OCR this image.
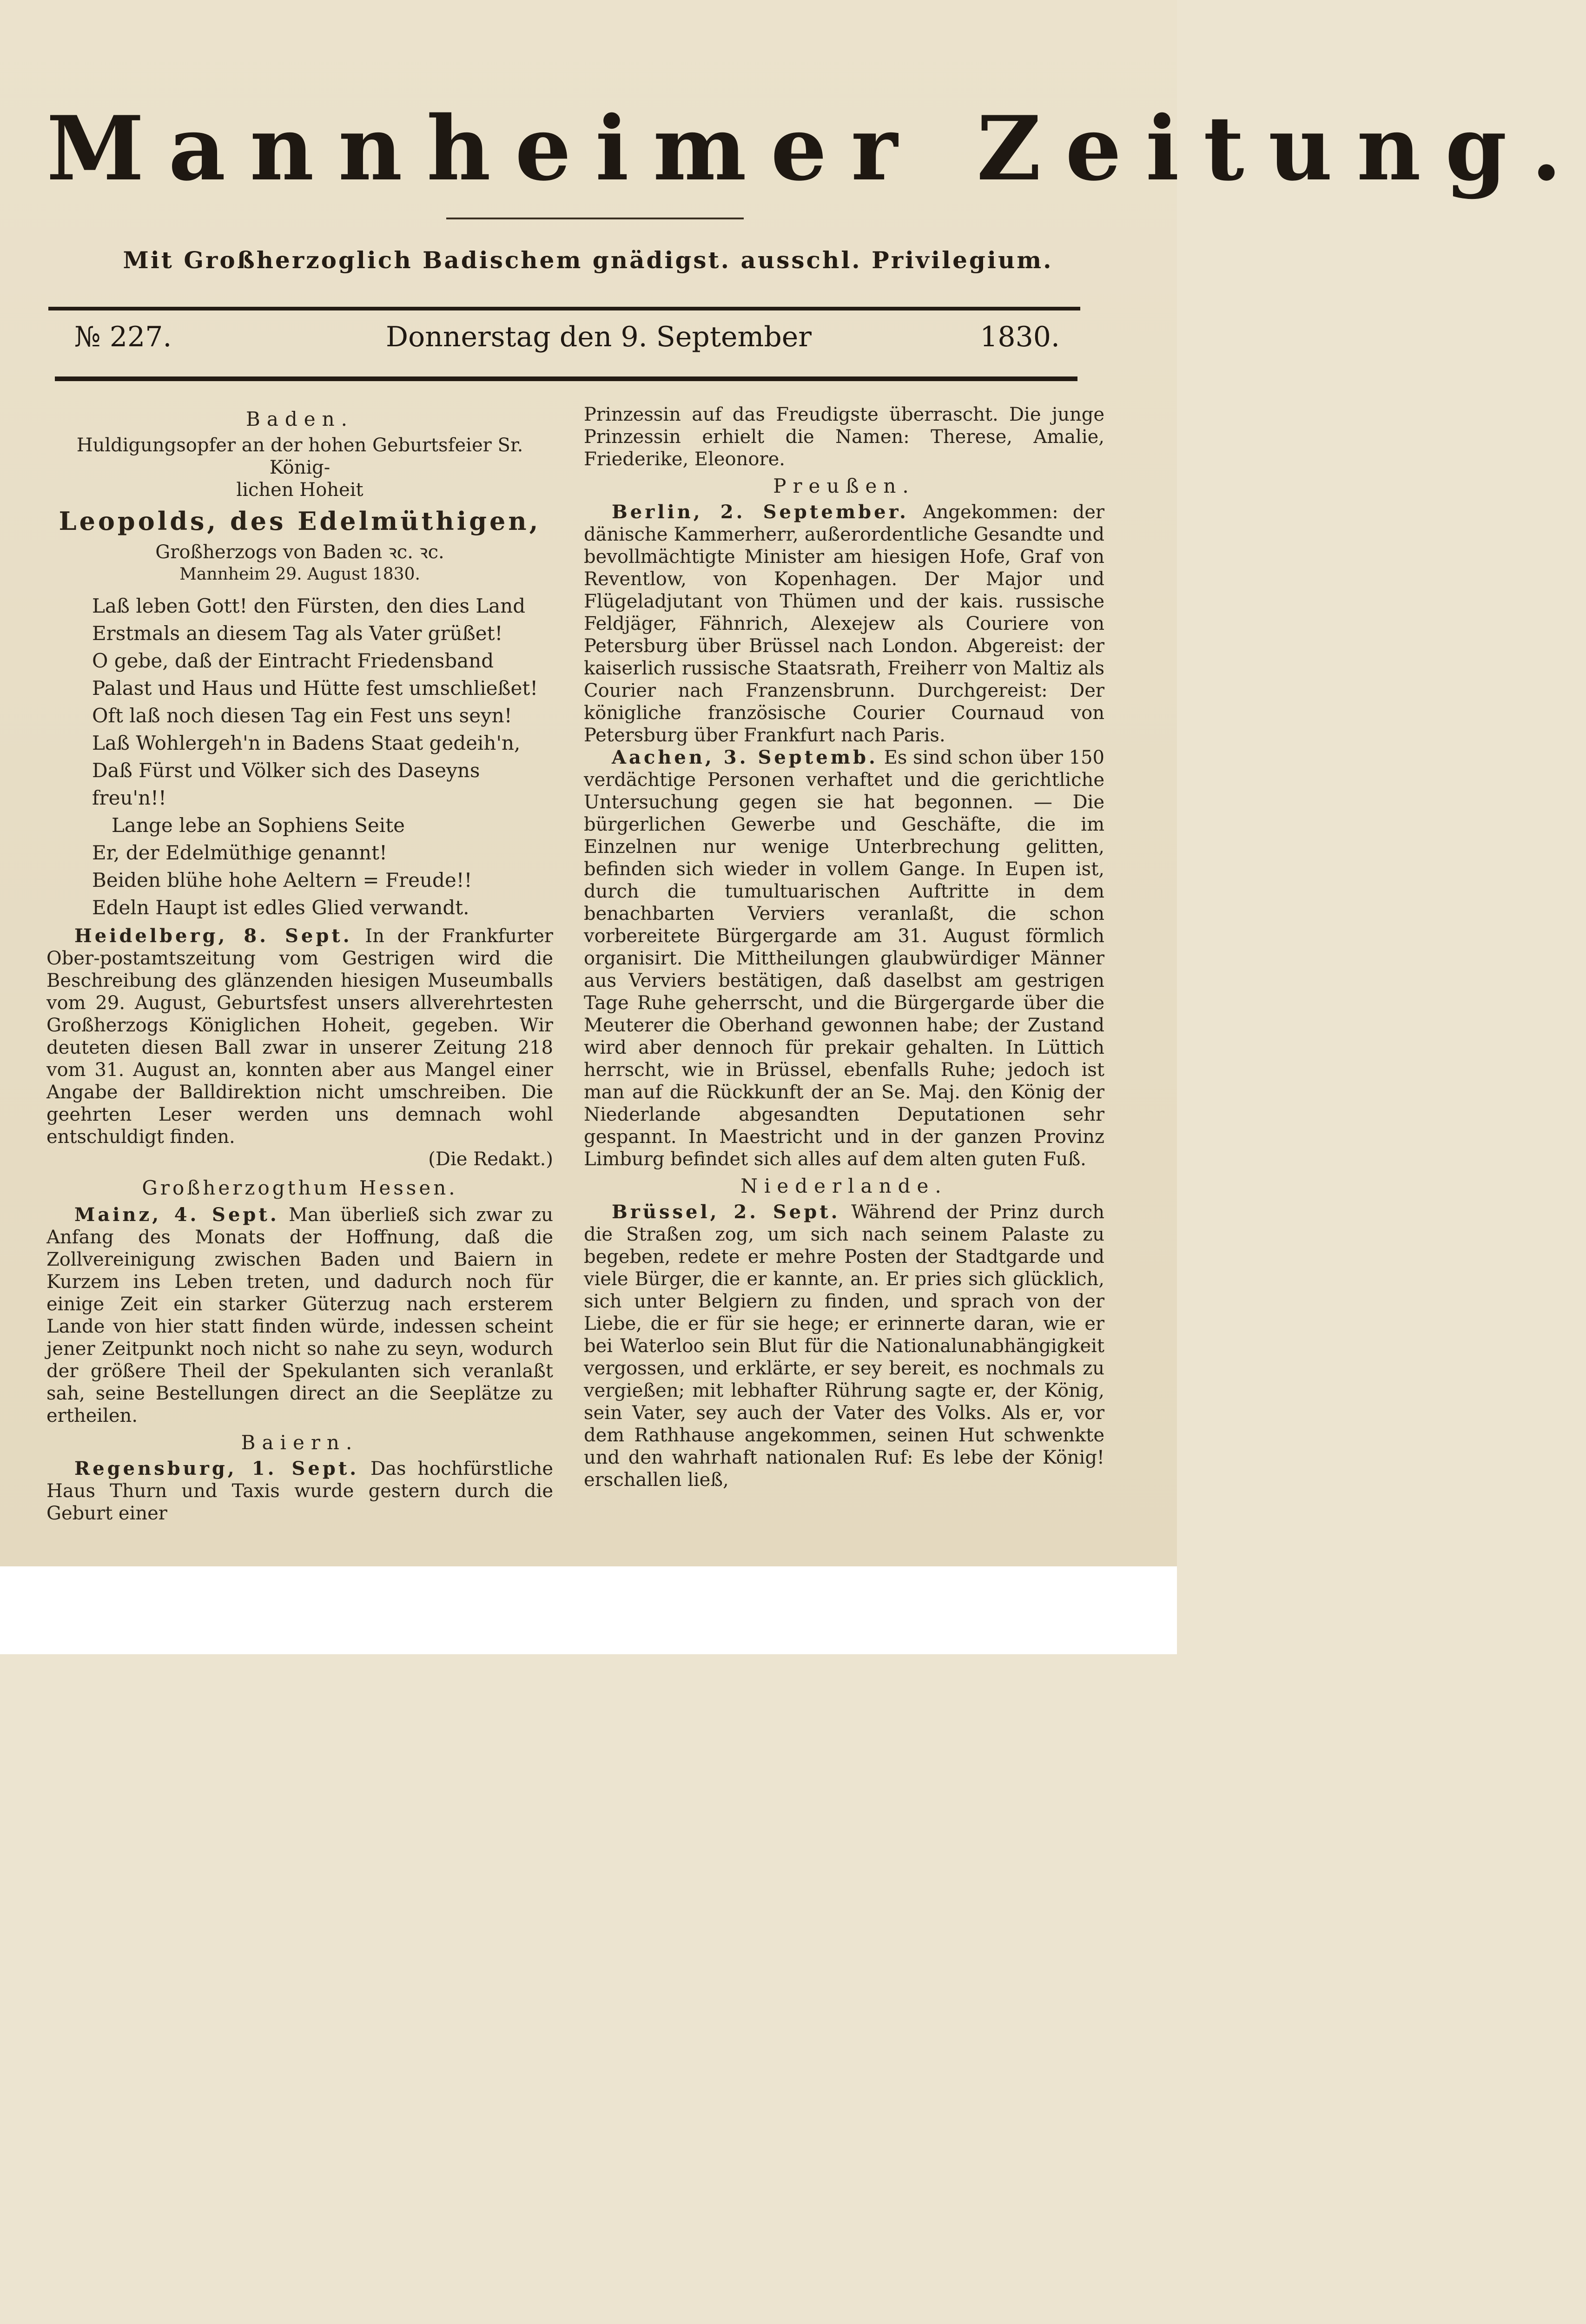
Mannheimer Zeitung.
Mit Großherzoglich Badischem gnädigst. ausschl. Privilegium.
№ 227.	Donnerstag den 9. September	1830.
Baden.
Huldigungsopfer an der hohen Geburtsfeier Sr. König-
lichen Hoheit
Leopolds, des Edelmüthigen,
Großherzogs von Baden ꝛc. ꝛc.
Mannheim 29. August 1830.

Laß leben Gott! den Fürsten, den dies Land

Erstmals an diesem Tag als Vater grüßet!

O gebe, daß der Eintracht Friedensband

Palast und Haus und Hütte fest umschließet!

Oft laß noch diesen Tag ein Fest uns seyn!

Laß Wohlergeh'n in Badens Staat gedeih'n,

Daß Fürst und Völker sich des Daseyns freu'n!!

Lange lebe an Sophiens Seite

Er, der Edelmüthige genannt!

Beiden blühe hohe Aeltern = Freude!!

Edeln Haupt ist edles Glied verwandt.

Heidelberg, 8. Sept. In der Frankfurter Ober-postamtszeitung vom Gestrigen wird die Beschreibung des glänzenden hiesigen Museumballs vom 29. August, Geburtsfest unsers allverehrtesten Großherzogs Königlichen Hoheit, gegeben. Wir deuteten diesen Ball zwar in unserer Zeitung 218 vom 31. August an, konnten aber aus Mangel einer Angabe der Balldirektion nicht umschreiben. Die geehrten Leser werden uns demnach wohl entschuldigt finden.

(Die Redakt.)
Großherzogthum Hessen.

Mainz, 4. Sept. Man überließ sich zwar zu Anfang des Monats der Hoffnung, daß die Zollvereinigung zwischen Baden und Baiern in Kurzem ins Leben treten, und dadurch noch für einige Zeit ein starker Güterzug nach ersterem Lande von hier statt finden würde, indessen scheint jener Zeitpunkt noch nicht so nahe zu seyn, wodurch der größere Theil der Spekulanten sich veranlaßt sah, seine Bestellungen direct an die Seeplätze zu ertheilen.

Baiern.

Regensburg, 1. Sept. Das hochfürstliche Haus Thurn und Taxis wurde gestern durch die Geburt einer

Prinzessin auf das Freudigste überrascht. Die junge Prinzessin erhielt die Namen: Therese, Amalie, Friederike, Eleonore.

Preußen.

Berlin, 2. September. Angekommen: der dänische Kammerherr, außerordentliche Gesandte und bevollmächtigte Minister am hiesigen Hofe, Graf von Reventlow, von Kopenhagen. Der Major und Flügeladjutant von Thümen und der kais. russische Feldjäger, Fähnrich, Alexejew als Couriere von Petersburg über Brüssel nach London. Abgereist: der kaiserlich russische Staatsrath, Freiherr von Maltiz als Courier nach Franzensbrunn. Durchgereist: Der königliche französische Courier Cournaud von Petersburg über Frankfurt nach Paris.

Aachen, 3. Septemb. Es sind schon über 150 verdächtige Personen verhaftet und die gerichtliche Untersuchung gegen sie hat begonnen. — Die bürgerlichen Gewerbe und Geschäfte, die im Einzelnen nur wenige Unterbrechung gelitten, befinden sich wieder in vollem Gange. In Eupen ist, durch die tumultuarischen Auftritte in dem benachbarten Verviers veranlaßt, die schon vorbereitete Bürgergarde am 31. August förmlich organisirt. Die Mittheilungen glaubwürdiger Männer aus Verviers bestätigen, daß daselbst am gestrigen Tage Ruhe geherrscht, und die Bürgergarde über die Meuterer die Oberhand gewonnen habe; der Zustand wird aber dennoch für prekair gehalten. In Lüttich herrscht, wie in Brüssel, ebenfalls Ruhe; jedoch ist man auf die Rückkunft der an Se. Maj. den König der Niederlande abgesandten Deputationen sehr gespannt. In Maestricht und in der ganzen Provinz Limburg befindet sich alles auf dem alten guten Fuß.

Niederlande.

Brüssel, 2. Sept. Während der Prinz durch die Straßen zog, um sich nach seinem Palaste zu begeben, redete er mehre Posten der Stadtgarde und viele Bürger, die er kannte, an. Er pries sich glücklich, sich unter Belgiern zu finden, und sprach von der Liebe, die er für sie hege; er erinnerte daran, wie er bei Waterloo sein Blut für die Nationalunabhängigkeit vergossen, und erklärte, er sey bereit, es nochmals zu vergießen; mit lebhafter Rührung sagte er, der König, sein Vater, sey auch der Vater des Volks. Als er, vor dem Rathhause angekommen, seinen Hut schwenkte und den wahrhaft nationalen Ruf: Es lebe der König! erschallen ließ,
